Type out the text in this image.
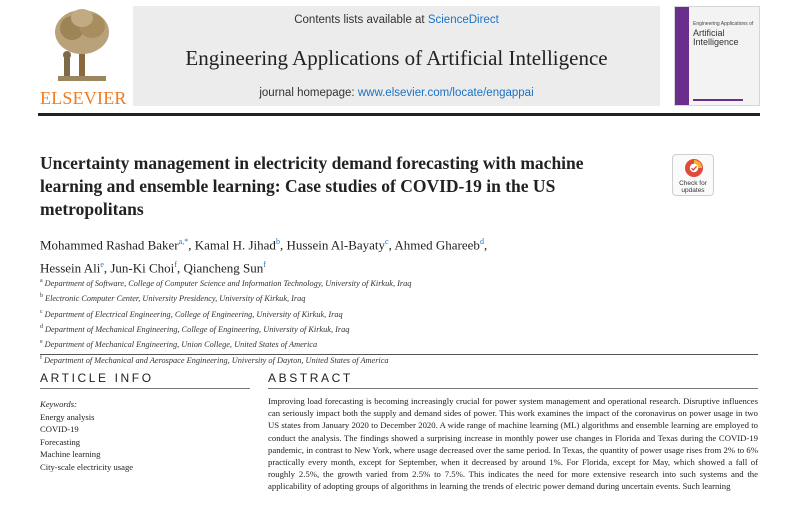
ELSEVIER
Contents lists available at ScienceDirect
Engineering Applications of Artificial Intelligence
journal homepage: www.elsevier.com/locate/engappai
Engineering Applications of
Artificial
Intelligence
Uncertainty management in electricity demand forecasting with machine learning and ensemble learning: Case studies of COVID-19 in the US metropolitans
Check for
updates
Mohammed Rashad Baker$^{a,*}$, Kamal H. Jihad$^b$, Hussein Al-Bayaty$^c$, Ahmed Ghareeb$^d$,
Hessein Ali$^e$, Jun-Ki Choi$^f$, Qiancheng Sun$^f$
$^a$ Department of Software, College of Computer Science and Information Technology, University of Kirkuk, Iraq
$^b$ Electronic Computer Center, University Presidency, University of Kirkuk, Iraq
$^c$ Department of Electrical Engineering, College of Engineering, University of Kirkuk, Iraq
$^d$ Department of Mechanical Engineering, College of Engineering, University of Kirkuk, Iraq
$^e$ Department of Mechanical Engineering, Union College, United States of America
$^f$ Department of Mechanical and Aerospace Engineering, University of Dayton, United States of America
ARTICLE INFO
Keywords:
Energy analysis
COVID-19
Forecasting
Machine learning
City-scale electricity usage
ABSTRACT

Improving load forecasting is becoming increasingly crucial for power system management and operational research. Disruptive influences can seriously impact both the supply and demand sides of power. This work examines the impact of the coronavirus on power usage in two US states from January 2020 to December 2020. A wide range of machine learning (ML) algorithms and ensemble learning are employed to conduct the analysis. The findings showed a surprising increase in monthly power use changes in Florida and Texas during the COVID-19 pandemic, in contrast to New York, where usage decreased over the same period. In Texas, the quantity of power usage rises from 2% to 6% practically every month, except for September, when it decreased by around 1%. For Florida, except for May, which showed a fall of roughly 2.5%, the growth varied from 2.5% to 7.5%. This indicates the need for more extensive research into such systems and the applicability of adopting groups of algorithms in learning the trends of electric power demand during uncertain events. Such learning
